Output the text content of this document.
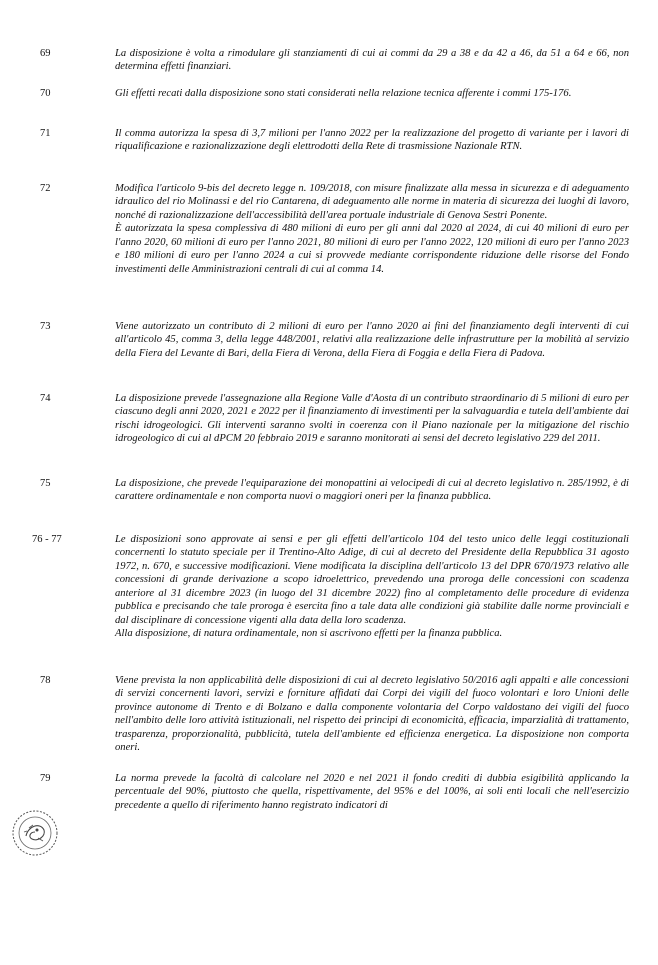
69	La disposizione è volta a rimodulare gli stanziamenti di cui ai commi da 29 a 38 e da 42 a 46, da 51 a 64 e 66, non determina effetti finanziari.

70	Gli effetti recati dalla disposizione sono stati considerati nella relazione tecnica afferente i commi 175-176.

71	Il comma autorizza la spesa di 3,7 milioni per l'anno 2022 per la realizzazione del progetto di variante per i lavori di riqualificazione e razionalizzazione degli elettrodotti della Rete di trasmissione Nazionale RTN.

72	Modifica l'articolo 9-bis del decreto legge n. 109/2018, con misure finalizzate alla messa in sicurezza e di adeguamento idraulico del rio Molinassi e del rio Cantarena, di adeguamento alle norme in materia di sicurezza dei luoghi di lavoro, nonché di razionalizzazione dell'accessibilità dell'area portuale industriale di Genova Sestri Ponente.

È autorizzata la spesa complessiva di 480 milioni di euro per gli anni dal 2020 al 2024, di cui 40 milioni di euro per l'anno 2020, 60 milioni di euro per l'anno 2021, 80 milioni di euro per l'anno 2022, 120 milioni di euro per l'anno 2023 e 180 milioni di euro per l'anno 2024 a cui si provvede mediante corrispondente riduzione delle risorse del Fondo investimenti delle Amministrazioni centrali di cui al comma 14.

73	Viene autorizzato un contributo di 2 milioni di euro per l'anno 2020 ai fini del finanziamento degli interventi di cui all'articolo 45, comma 3, della legge 448/2001, relativi alla realizzazione delle infrastrutture per la mobilità al servizio della Fiera del Levante di Bari, della Fiera di Verona, della Fiera di Foggia e della Fiera di Padova.

74	La disposizione prevede l'assegnazione alla Regione Valle d'Aosta di un contributo straordinario di 5 milioni di euro per ciascuno degli anni 2020, 2021 e 2022 per il finanziamento di investimenti per la salvaguardia e tutela dell'ambiente dai rischi idrogeologici. Gli interventi saranno svolti in coerenza con il Piano nazionale per la mitigazione del rischio idrogeologico di cui al dPCM 20 febbraio 2019 e saranno monitorati ai sensi del decreto legislativo 229 del 2011.

75	La disposizione, che prevede l'equiparazione dei monopattini ai velocipedi di cui al decreto legislativo n. 285/1992, è di carattere ordinamentale e non comporta nuovi o maggiori oneri per la finanza pubblica.

76 - 77	Le disposizioni sono approvate ai sensi e per gli effetti dell'articolo 104 del testo unico delle leggi costituzionali concernenti lo statuto speciale per il Trentino-Alto Adige, di cui al decreto del Presidente della Repubblica 31 agosto 1972, n. 670, e successive modificazioni. Viene modificata la disciplina dell'articolo 13 del DPR 670/1973 relativo alle concessioni di grande derivazione a scopo idroelettrico, prevedendo una proroga delle concessioni con scadenza anteriore al 31 dicembre 2023 (in luogo del 31 dicembre 2022) fino al completamento delle procedure di evidenza pubblica e precisando che tale proroga è esercita fino a tale data alle condizioni già stabilite dalle norme provinciali e dal disciplinare di concessione vigenti alla data della loro scadenza.

Alla disposizione, di natura ordinamentale, non si ascrivono effetti per la finanza pubblica.

78	Viene prevista la non applicabilità delle disposizioni di cui al decreto legislativo 50/2016 agli appalti e alle concessioni di servizi concernenti lavori, servizi e forniture affidati dai Corpi dei vigili del fuoco volontari e loro Unioni delle province autonome di Trento e di Bolzano e dalla componente volontaria del Corpo valdostano dei vigili del fuoco nell'ambito delle loro attività istituzionali, nel rispetto dei principi di economicità, efficacia, imparzialità di trattamento, trasparenza, proporzionalità, pubblicità, tutela dell'ambiente ed efficienza energetica. La disposizione non comporta oneri.

79	La norma prevede la facoltà di calcolare nel 2020 e nel 2021 il fondo crediti di dubbia esigibilità applicando la percentuale del 90%, piuttosto che quella, rispettivamente, del 95% e del 100%, ai soli enti locali che nell'esercizio precedente a quello di riferimento hanno registrato indicatori di
